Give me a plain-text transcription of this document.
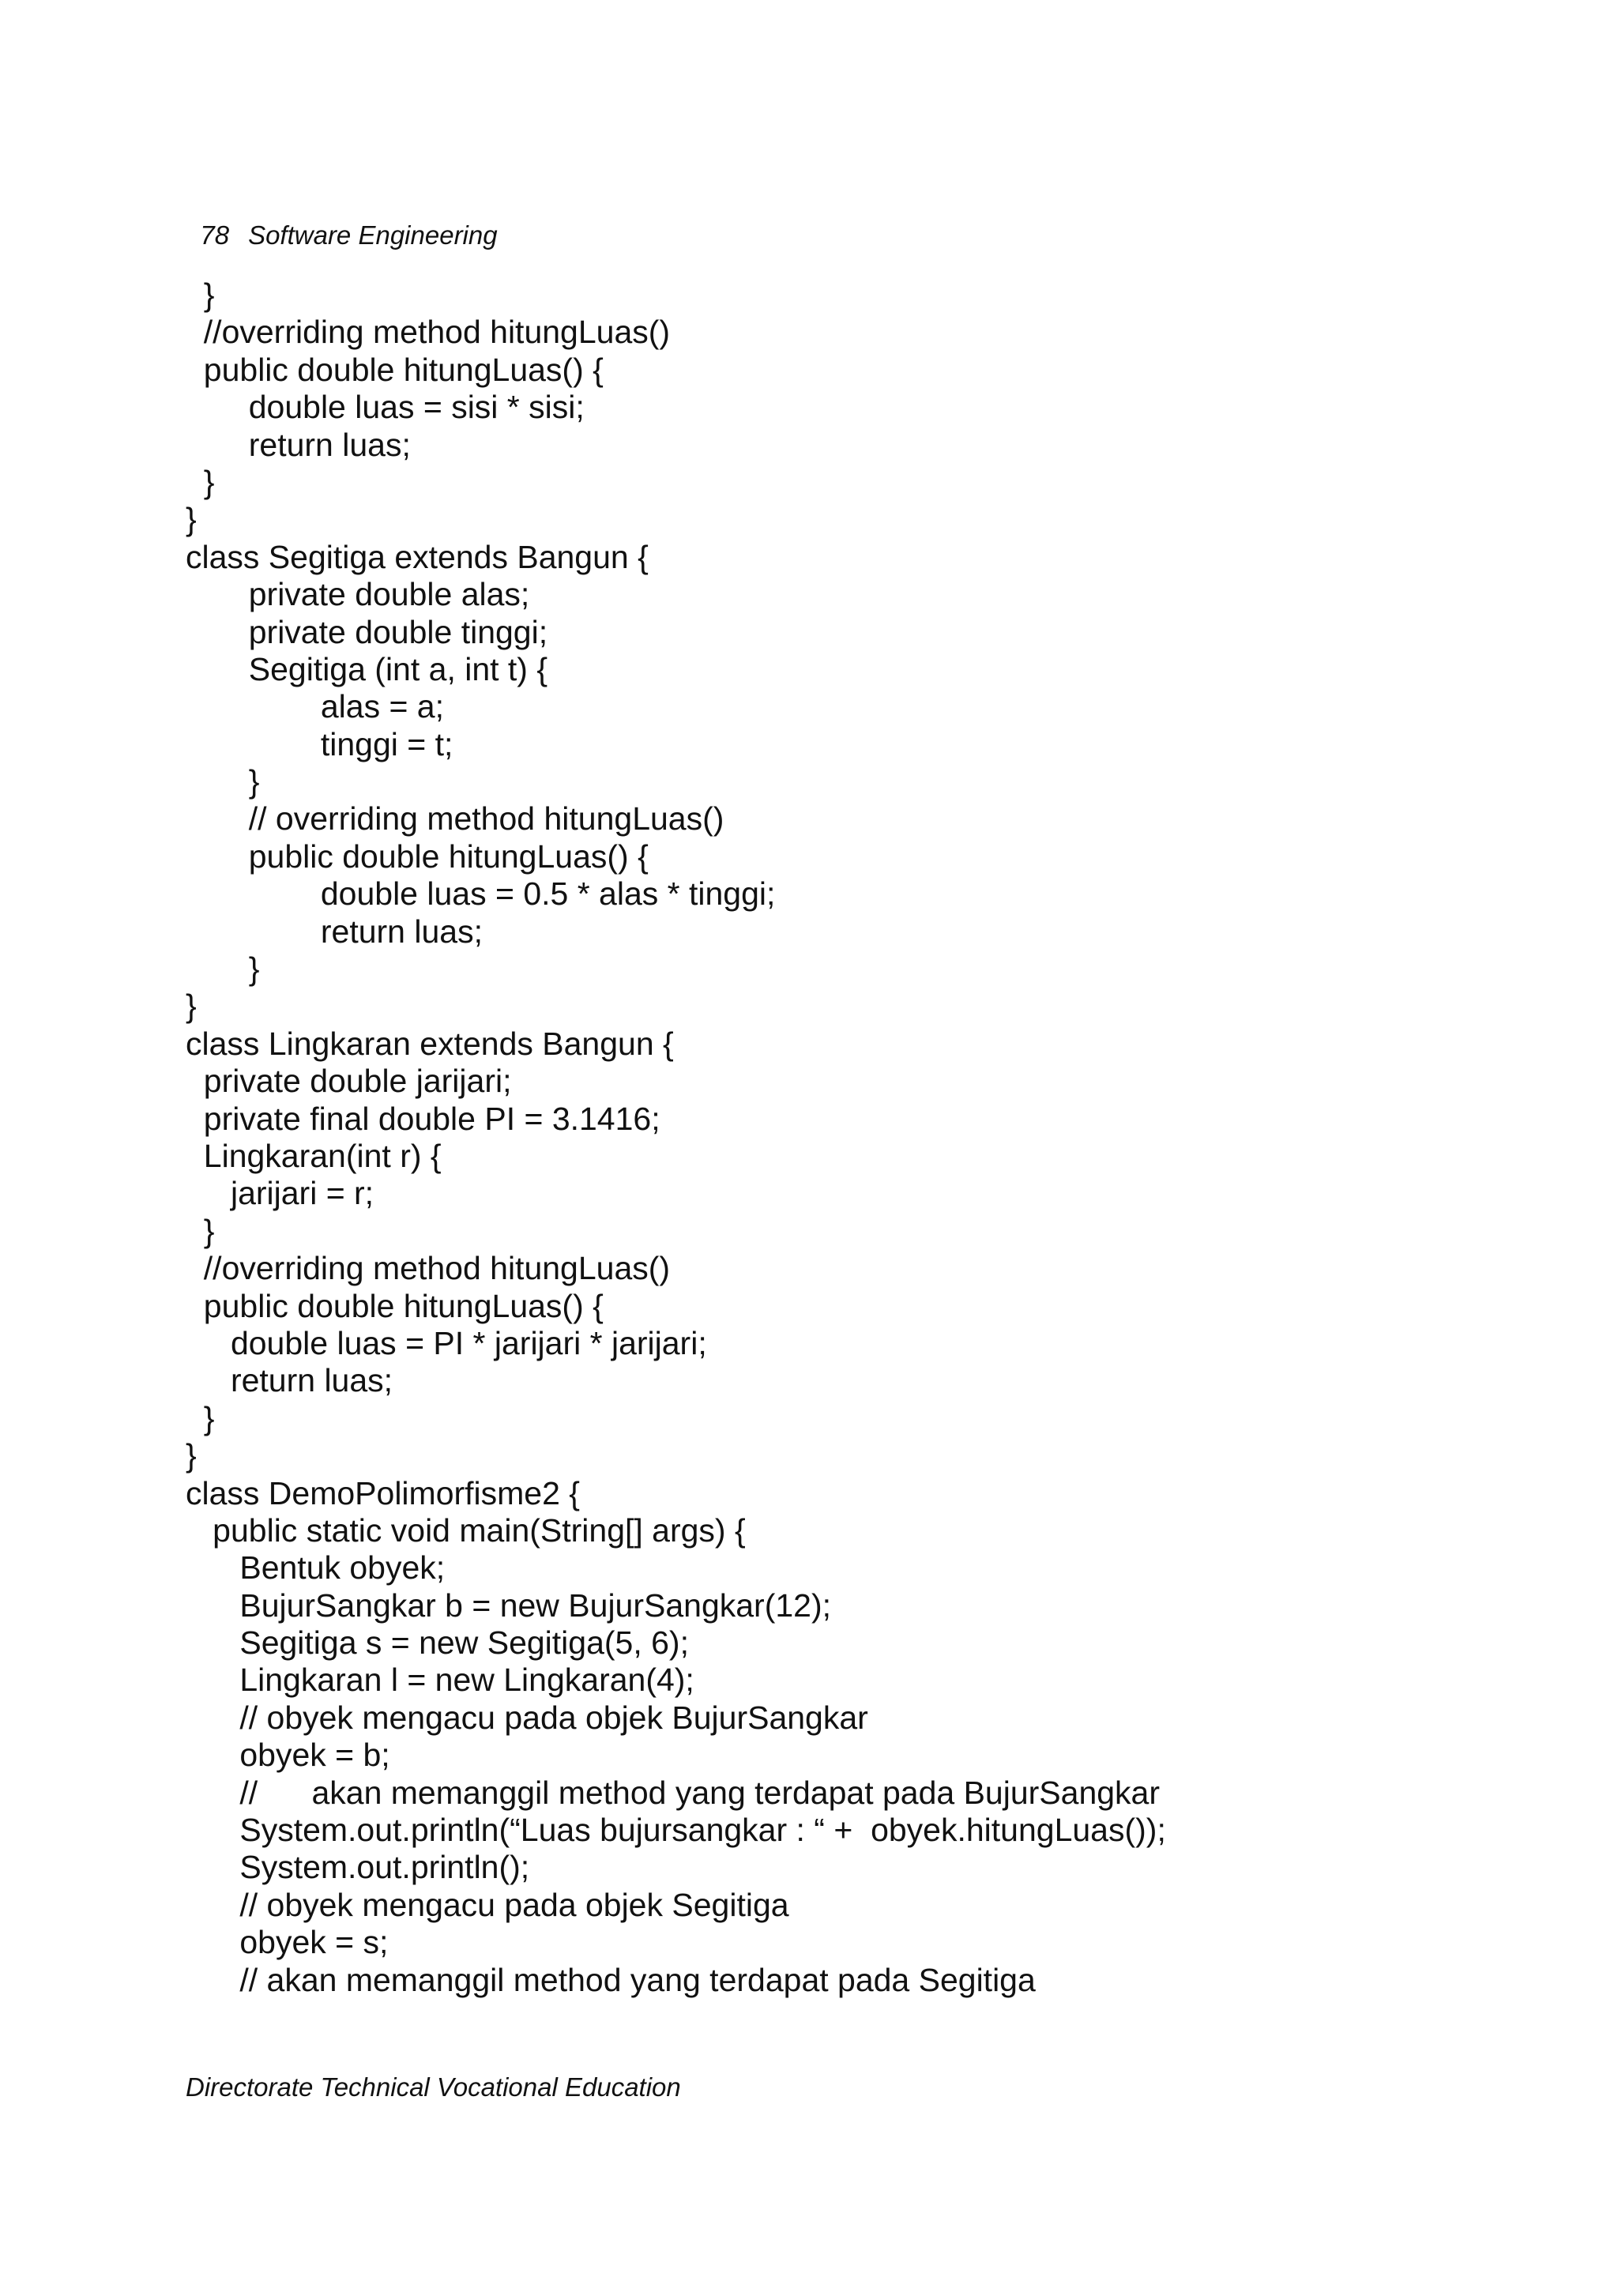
78 Software Engineering

}
//overriding method hitungLuas()
public double hitungLuas() {
double luas = sisi * sisi;
return luas;
}
}
class Segitiga extends Bangun {
private double alas;
private double tinggi;
Segitiga (int a, int t) {
alas = a;
tinggi = t;
}
// overriding method hitungLuas()
public double hitungLuas() {
double luas = 0.5 * alas * tinggi;
return luas;
}
}
class Lingkaran extends Bangun {
private double jarijari;
private final double PI = 3.1416;
Lingkaran(int r) {
jarijari = r;
}
//overriding method hitungLuas()
public double hitungLuas() {
double luas = PI * jarijari * jarijari;
return luas;
}
}
class DemoPolimorfisme2 {
public static void main(String[] args) {
Bentuk obyek;
BujurSangkar b = new BujurSangkar(12);
Segitiga s = new Segitiga(5, 6);
Lingkaran l = new Lingkaran(4);
// obyek mengacu pada objek BujurSangkar
obyek = b;
//      akan memanggil method yang terdapat pada BujurSangkar
System.out.println(“Luas bujursangkar : “ +  obyek.hitungLuas());
System.out.println();
// obyek mengacu pada objek Segitiga
obyek = s;
// akan memanggil method yang terdapat pada Segitiga
Directorate Technical Vocational Education
